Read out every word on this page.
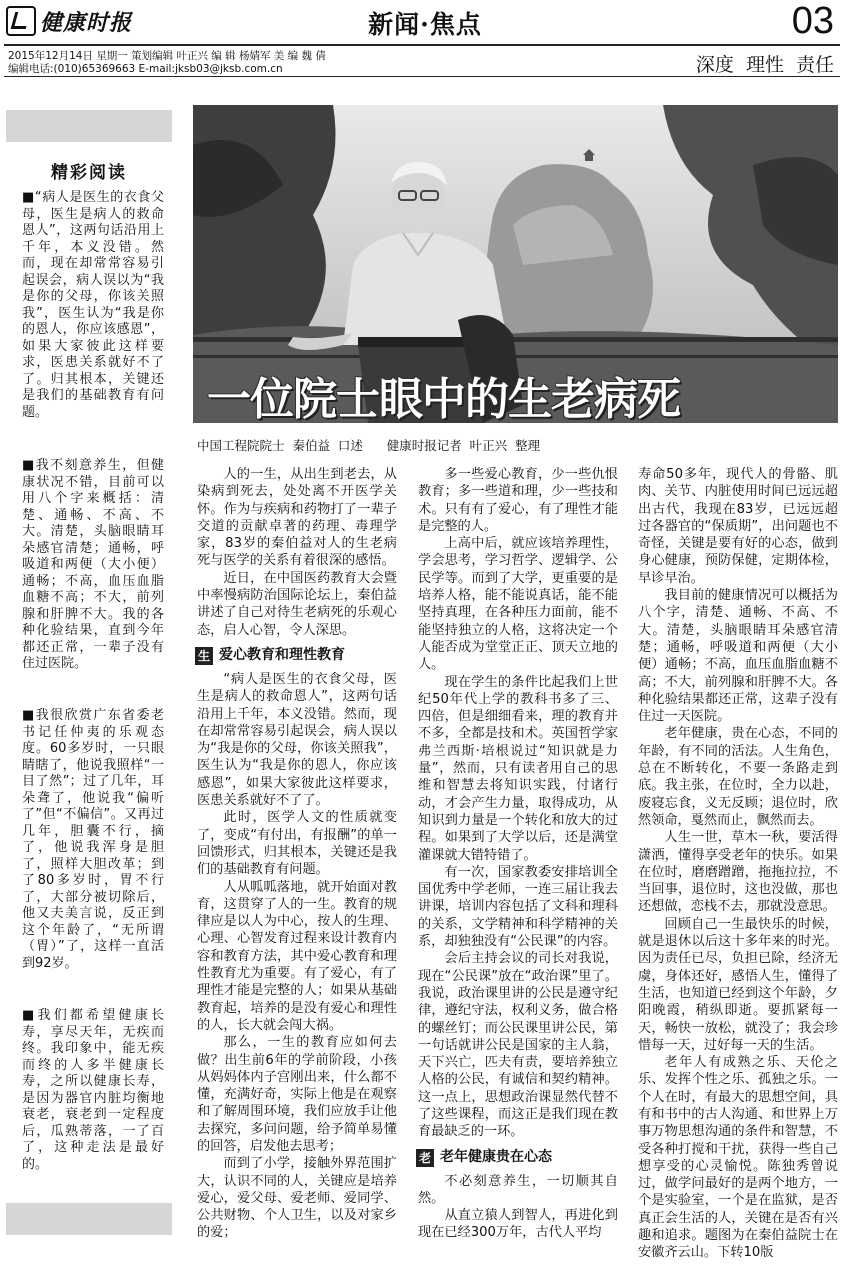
健康时报	新闻·焦点	03
2015年12月14日 星期一 策划编辑 叶正兴 编 辑 杨婧军 美 编 魏 倩
编辑电话:(010)65369663 E-mail:jksb03@jksb.com.cn	深度 理性 责任
精彩阅读

■“病人是医生的衣食父母，医生是病人的救命恩人”，这两句话沿用上千年，本义没错。然而，现在却常常容易引起误会，病人误以为“我是你的父母，你该关照我”，医生认为“我是你的恩人，你应该感恩”，如果大家彼此这样要求，医患关系就好不了了。归其根本，关键还是我们的基础教育有问题。

■我不刻意养生，但健康状况不错，目前可以用八个字来概括：清楚、通畅、不高、不大。清楚，头脑眼睛耳朵感官清楚；通畅，呼吸道和两便（大小便）通畅；不高，血压血脂血糖不高；不大，前列腺和肝脾不大。我的各种化验结果，直到今年都还正常，一辈子没有住过医院。

■我很欣赏广东省委老书记任仲夷的乐观态度。60多岁时，一只眼睛瞎了，他说我照样“一目了然”；过了几年，耳朵聋了，他说我“偏听了”但“不偏信”。又再过几年，胆囊不行，摘了，他说我浑身是胆了，照样大胆改革；到了80多岁时，胃不行了，大部分被切除后，他又夫美言说，反正到这个年龄了，“无所谓（胃）”了，这样一直活到92岁。

■我们都希望健康长寿，享尽天年，无疾而终。我印象中，能无疾而终的人多半健康长寿，之所以健康长寿，是因为器官内脏均衡地衰老，衰老到一定程度后，瓜熟蒂落，一了百了，这种走法是最好的。

一位院士眼中的生老病死
中国工程院院士  秦伯益  口述      健康时报记者  叶正兴  整理

人的一生，从出生到老去，从染病到死去，处处离不开医学关怀。作为与疾病和药物打了一辈子交道的贡献卓著的药理、毒理学家，83岁的秦伯益对人的生老病死与医学的关系有着很深的感悟。

近日，在中国医药教育大会暨中率慢病防治国际论坛上，秦伯益讲述了自己对待生老病死的乐观心态，启人心智，令人深思。

生 爱心教育和理性教育

“病人是医生的衣食父母，医生是病人的救命恩人”，这两句话沿用上千年，本义没错。然而，现在却常常容易引起误会，病人误以为“我是你的父母，你该关照我”，医生认为“我是你的恩人，你应该感恩”，如果大家彼此这样要求，医患关系就好不了了。

此时，医学人文的性质就变了，变成“有付出，有报酬”的单一回馈形式，归其根本，关键还是我们的基础教育有问题。

人从呱呱落地，就开始面对教育，这贯穿了人的一生。教育的规律应是以人为中心，按人的生理、心理、心智发育过程来设计教育内容和教育方法，其中爱心教育和理性教育尤为重要。有了爱心，有了理性才能是完整的人；如果从基础教育起，培养的是没有爱心和理性的人，长大就会闯大祸。

那么，一生的教育应如何去做？出生前6年的学前阶段，小孩从妈妈体内子宫刚出来，什么都不懂，充满好奇，实际上他是在观察和了解周围环境，我们应放手让他去探究，多问问题，给予简单易懂的回答，启发他去思考；

而到了小学，接触外界范围扩大，认识不同的人，关键应是培养爱心，爱父母、爱老师、爱同学、公共财物、个人卫生，以及对家乡的爱；

多一些爱心教育，少一些仇恨教育；多一些道和理，少一些技和术。只有有了爱心，有了理性才能是完整的人。

上高中后，就应该培养理性，学会思考，学习哲学、逻辑学、公民学等。而到了大学，更重要的是培养人格，能不能说真话，能不能坚持真理，在各种压力面前，能不能坚持独立的人格，这将决定一个人能否成为堂堂正正、顶天立地的人。

现在学生的条件比起我们上世纪50年代上学的教科书多了三、四倍，但是细细看来，理的教育并不多，全都是技和术。英国哲学家弗兰西斯·培根说过“知识就是力量”，然而，只有读者用自己的思维和智慧去将知识实践，付诸行动，才会产生力量，取得成功，从知识到力量是一个转化和放大的过程。如果到了大学以后，还是满堂灌课就大错特错了。

有一次，国家教委安排培训全国优秀中学老师，一连三届让我去讲课，培训内容包括了文科和理科的关系，文学精神和科学精神的关系，却独独没有“公民课”的内容。

会后主持会议的司长对我说，现在“公民课”放在“政治课”里了。我说，政治课里讲的公民是遵守纪律，遵纪守法，权利义务，做合格的螺丝钉；而公民课里讲公民，第一句话就讲公民是国家的主人翁，天下兴亡，匹夫有责，要培养独立人格的公民，有诚信和契约精神。这一点上，思想政治课显然代替不了这些课程，而这正是我们现在教育最缺乏的一环。

老 老年健康贵在心态

不必刻意养生，一切顺其自然。

从直立猿人到智人，再进化到现在已经300万年，古代人平均

寿命50多年，现代人的骨骼、肌肉、关节、内脏使用时间已远远超出古代，我现在83岁，已远远超过各器官的“保质期”，出问题也不奇怪，关键是要有好的心态，做到身心健康，预防保健，定期体检，早诊早治。

我目前的健康情况可以概括为八个字，清楚、通畅、不高、不大。清楚，头脑眼睛耳朵感官清楚；通畅，呼吸道和两便（大小便）通畅；不高，血压血脂血糖不高；不大，前列腺和肝脾不大。各种化验结果都还正常，这辈子没有住过一天医院。

老年健康，贵在心态，不同的年龄，有不同的活法。人生角色，总在不断转化，不要一条路走到底。我主张，在位时，全力以赴，废寝忘食，义无反顾；退位时，欣然领命，戛然而止，飘然而去。

人生一世，草木一秋，要活得潇洒，懂得享受老年的快乐。如果在位时，磨磨蹭蹭，拖拖拉拉，不当回事，退位时，这也没做，那也还想做，恋栈不去，那就没意思。

回顾自己一生最快乐的时候，就是退休以后这十多年来的时光。因为责任已尽，负担已除，经济无虞，身体还好，感悟人生，懂得了生活，也知道已经到这个年龄，夕阳晚霞，稍纵即逝。要抓紧每一天，畅快一放松，就没了；我会珍惜每一天，过好每一天的生活。

老年人有成熟之乐、天伦之乐、发挥个性之乐、孤独之乐。一个人在时，有最大的思想空间，具有和书中的古人沟通、和世界上万事万物思想沟通的条件和智慧，不受各种打搅和干扰，获得一些自己想享受的心灵愉悦。陈独秀曾说过，做学问最好的是两个地方，一个是实验室，一个是在监狱，是否真正会生活的人，关键在是否有兴趣和追求。题图为在秦伯益院士在安徽齐云山。下转10版
